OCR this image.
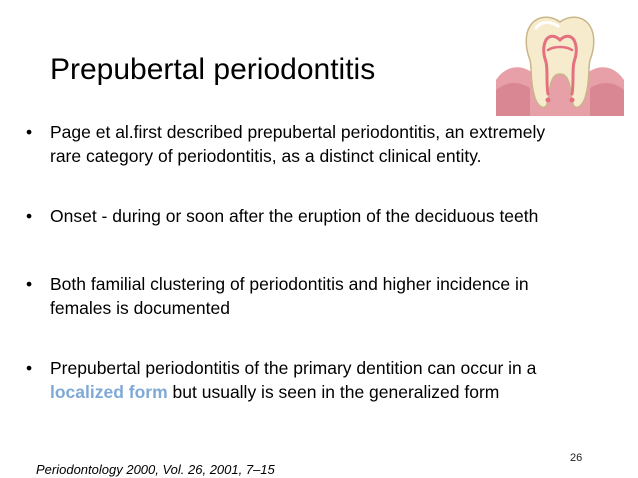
Prepubertal periodontitis
•	Page et al.first described prepubertal periodontitis, an extremely
rare category of periodontitis, as a distinct clinical entity.
•	Onset - during or soon after the eruption of the deciduous teeth
•	Both familial clustering of periodontitis and higher incidence in
females is documented
•	Prepubertal periodontitis of the primary dentition can occur in a
localized form but usually is seen in the generalized form
26
Periodontology 2000, Vol. 26, 2001, 7–15
